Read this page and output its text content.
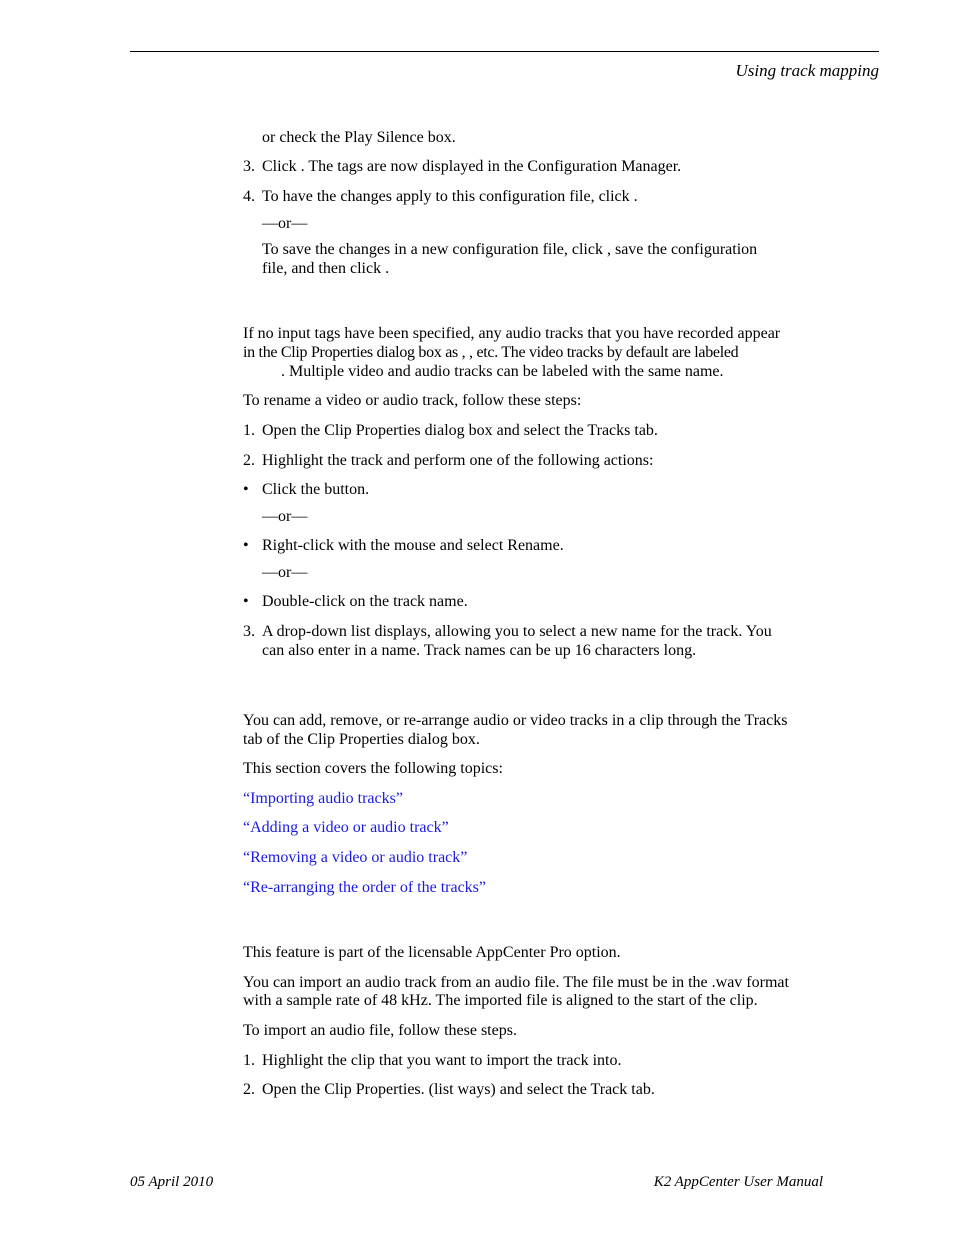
Using track mapping
or check the Play Silence box.
3. Click . The tags are now displayed in the Configuration Manager.
4. To have the changes apply to this configuration file, click .
—or—
To save the changes in a new configuration file, click , save the configuration
file, and then click .
If no input tags have been specified, any audio tracks that you have recorded appear
in the Clip Properties dialog box as , , etc. The video tracks by default are labeled
. Multiple video and audio tracks can be labeled with the same name.
To rename a video or audio track, follow these steps:
1. Open the Clip Properties dialog box and select the Tracks tab.
2. Highlight the track and perform one of the following actions:
• Click the button.
—or—
• Right-click with the mouse and select Rename.
—or—
• Double-click on the track name.
3. A drop-down list displays, allowing you to select a new name for the track. You
can also enter in a name. Track names can be up 16 characters long.
You can add, remove, or re-arrange audio or video tracks in a clip through the Tracks
tab of the Clip Properties dialog box.
This section covers the following topics:
“Importing audio tracks”
“Adding a video or audio track”
“Removing a video or audio track”
“Re-arranging the order of the tracks”
This feature is part of the licensable AppCenter Pro option.
You can import an audio track from an audio file. The file must be in the .wav format
with a sample rate of 48 kHz. The imported file is aligned to the start of the clip.
To import an audio file, follow these steps.
1. Highlight the clip that you want to import the track into.
2. Open the Clip Properties. (list ways) and select the Track tab.
05 April 2010	K2 AppCenter User Manual
